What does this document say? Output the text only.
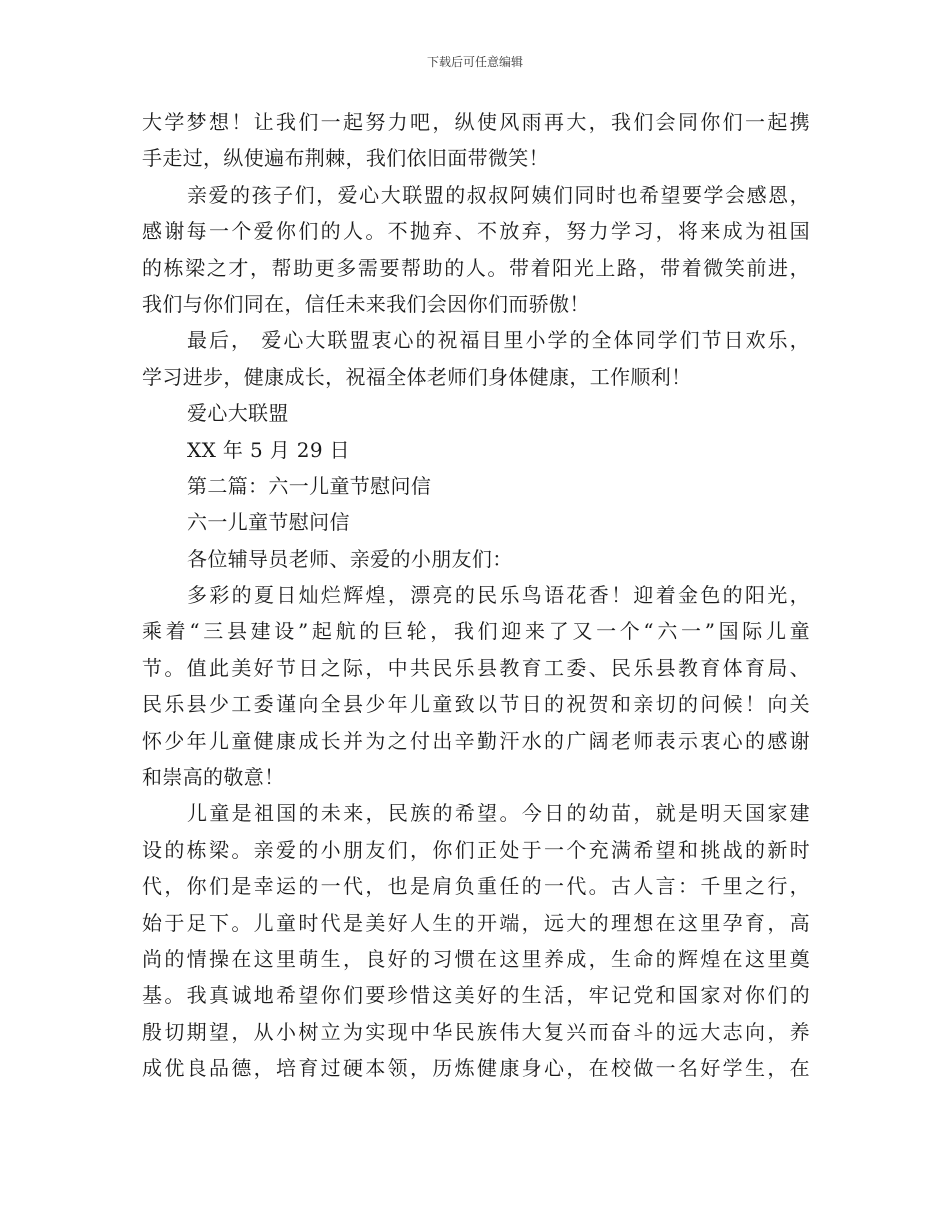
下载后可任意编辑
大学梦想！让我们一起努力吧，纵使风雨再大，我们会同你们一起携
手走过，纵使遍布荆棘，我们依旧面带微笑！
亲爱的孩子们，爱心大联盟的叔叔阿姨们同时也希望要学会感恩，
感谢每一个爱你们的人。不抛弃、不放弃，努力学习，将来成为祖国
的栋梁之才，帮助更多需要帮助的人。带着阳光上路，带着微笑前进，
我们与你们同在，信任未来我们会因你们而骄傲！
最后， 爱心大联盟衷心的祝福目里小学的全体同学们节日欢乐，
学习进步，健康成长，祝福全体老师们身体健康，工作顺利！
爱心大联盟
XX 年 5 月 29 日
第二篇：六一儿童节慰问信
六一儿童节慰问信
各位辅导员老师、亲爱的小朋友们：
多彩的夏日灿烂辉煌，漂亮的民乐鸟语花香！迎着金色的阳光，
乘着“三县建设”起航的巨轮，我们迎来了又一个“六一”国际儿童
节。值此美好节日之际，中共民乐县教育工委、民乐县教育体育局、
民乐县少工委谨向全县少年儿童致以节日的祝贺和亲切的问候！向关
怀少年儿童健康成长并为之付出辛勤汗水的广阔老师表示衷心的感谢
和崇高的敬意！
儿童是祖国的未来，民族的希望。今日的幼苗，就是明天国家建
设的栋梁。亲爱的小朋友们，你们正处于一个充满希望和挑战的新时
代，你们是幸运的一代，也是肩负重任的一代。古人言：千里之行，
始于足下。儿童时代是美好人生的开端，远大的理想在这里孕育，高
尚的情操在这里萌生，良好的习惯在这里养成，生命的辉煌在这里奠
基。我真诚地希望你们要珍惜这美好的生活，牢记党和国家对你们的
殷切期望，从小树立为实现中华民族伟大复兴而奋斗的远大志向，养
成优良品德，培育过硬本领，历炼健康身心，在校做一名好学生，在
